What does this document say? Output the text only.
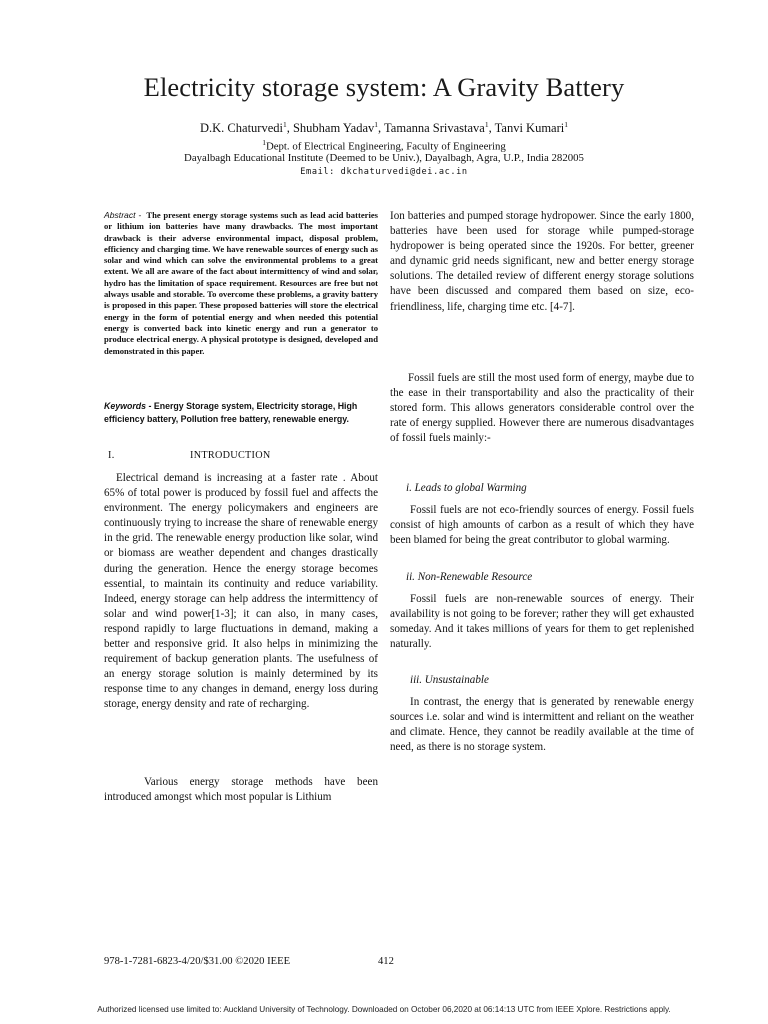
Electricity storage system: A Gravity Battery
D.K. Chaturvedi$^1$, Shubham Yadav$^1$, Tamanna Srivastava$^1$, Tanvi Kumari$^1$
$^1$Dept. of Electrical Engineering, Faculty of Engineering
Dayalbagh Educational Institute (Deemed to be Univ.), Dayalbagh, Agra, U.P., India 282005
Email: dkchaturvedi@dei.ac.in
Abstract - The present energy storage systems such as lead acid batteries or lithium ion batteries have many drawbacks. The most important drawback is their adverse environmental impact, disposal problem, efficiency and charging time. We have renewable sources of energy such as solar and wind which can solve the environmental problems to a great extent. We all are aware of the fact about intermittency of wind and solar, hydro has the limitation of space requirement. Resources are free but not always usable and storable. To overcome these problems, a gravity battery is proposed in this paper. These proposed batteries will store the electrical energy in the form of potential energy and when needed this potential energy is converted back into kinetic energy and run a generator to produce electrical energy. A physical prototype is designed, developed and demonstrated in this paper.
Keywords - Energy Storage system, Electricity storage, High efficiency battery, Pollution free battery, renewable energy.
I.	INTRODUCTION

Electrical demand is increasing at a faster rate . About 65% of total power is produced by fossil fuel and affects the environment. The energy policymakers and engineers are continuously trying to increase the share of renewable energy in the grid. The renewable energy production like solar, wind or biomass are weather dependent and changes drastically during the generation. Hence the energy storage becomes essential, to maintain its continuity and reduce variability. Indeed, energy storage can help address the intermittency of solar and wind power[1-3]; it can also, in many cases, respond rapidly to large fluctuations in demand, making a better and responsive grid. It also helps in minimizing the requirement of backup generation plants. The usefulness of an energy storage solution is mainly determined by its response time to any changes in demand, energy loss during storage, energy density and rate of recharging.

Various energy storage methods have been introduced amongst which most popular is Lithium

Ion batteries and pumped storage hydropower. Since the early 1800, batteries have been used for storage while pumped-storage hydropower is being operated since the 1920s. For better, greener and dynamic grid needs significant, new and better energy storage solutions. The detailed review of different energy storage solutions have been discussed and compared them based on size, eco-friendliness, life, charging time etc. [4-7].

Fossil fuels are still the most used form of energy, maybe due to the ease in their transportability and also the practicality of their stored form. This allows generators considerable control over the rate of energy supplied. However there are numerous disadvantages of fossil fuels mainly:-

i. Leads to global Warming

Fossil fuels are not eco-friendly sources of energy. Fossil fuels consist of high amounts of carbon as a result of which they have been blamed for being the great contributor to global warming.

ii. Non-Renewable Resource

Fossil fuels are non-renewable sources of energy. Their availability is not going to be forever; rather they will get exhausted someday. And it takes millions of years for them to get replenished naturally.

iii. Unsustainable

In contrast, the energy that is generated by renewable energy sources i.e. solar and wind is intermittent and reliant on the weather and climate. Hence, they cannot be readily available at the time of need, as there is no storage system.

978-1-7281-6823-4/20/$31.00 ©2020 IEEE	412
Authorized licensed use limited to: Auckland University of Technology. Downloaded on October 06,2020 at 06:14:13 UTC from IEEE Xplore. Restrictions apply.
